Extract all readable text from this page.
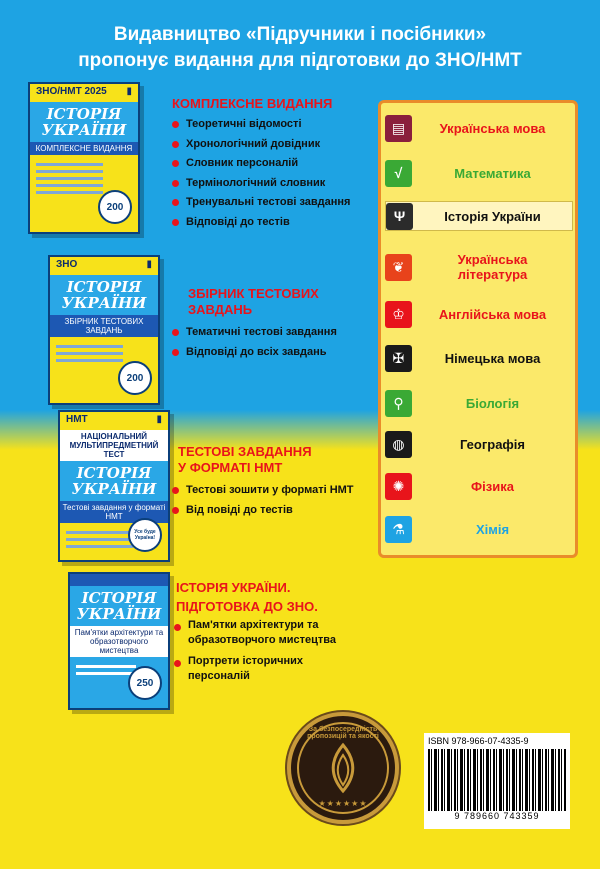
Видавництво «Підручники і посібники»
пропонує видання для підготовки до ЗНО/НМТ
ЗНО/НМТ 2025 ▮
ІСТОРІЯ УКРАЇНИ
КОМПЛЕКСНЕ ВИДАННЯ
200
КОМПЛЕКСНЕ ВИДАННЯ
Теоретичні відомості
Хронологічний довідник
Словник персоналій
Термінологічний словник
Тренувальні тестові завдання
Відповіді до тестів
ЗНО	▮
ІСТОРІЯ УКРАЇНИ
ЗБІРНИК ТЕСТОВИХ ЗАВДАНЬ
200
ЗБІРНИК ТЕСТОВИХ
ЗАВДАНЬ
Тематичні тестові завдання
Відповіді до всіх завдань
НМТ	▮
НАЦІОНАЛЬНИЙ МУЛЬТИПРЕДМЕТНИЙ ТЕСТ
ІСТОРІЯ УКРАЇНИ
Тестові завдання у форматі НМТ
Усе буде Україна!
ТЕСТОВІ ЗАВДАННЯ
У ФОРМАТІ НМТ
Тестові зошити у форматі НМТ
Від повіді до тестів
ІСТОРІЯ УКРАЇНИ
Пам'ятки архітектури та образотворчого мистецтва
250
ІСТОРІЯ УКРАЇНИ.
ПІДГОТОВКА ДО ЗНО.
Пам'ятки архітектури та
образотворчого мистецтва
Портрети історичних
персоналій
▤	Українська мова
√	Математика
Ψ	Історія України
❦	Українська
література
♔	Англійська мова
✠	Німецька мова
⚲	Біологія
◍	Географія
✺	Фізика
⚗	Хімія
За безпосередність пропозицій та якості
★★★★★★
ISBN 978-966-07-4335-9
9 789660 743359
